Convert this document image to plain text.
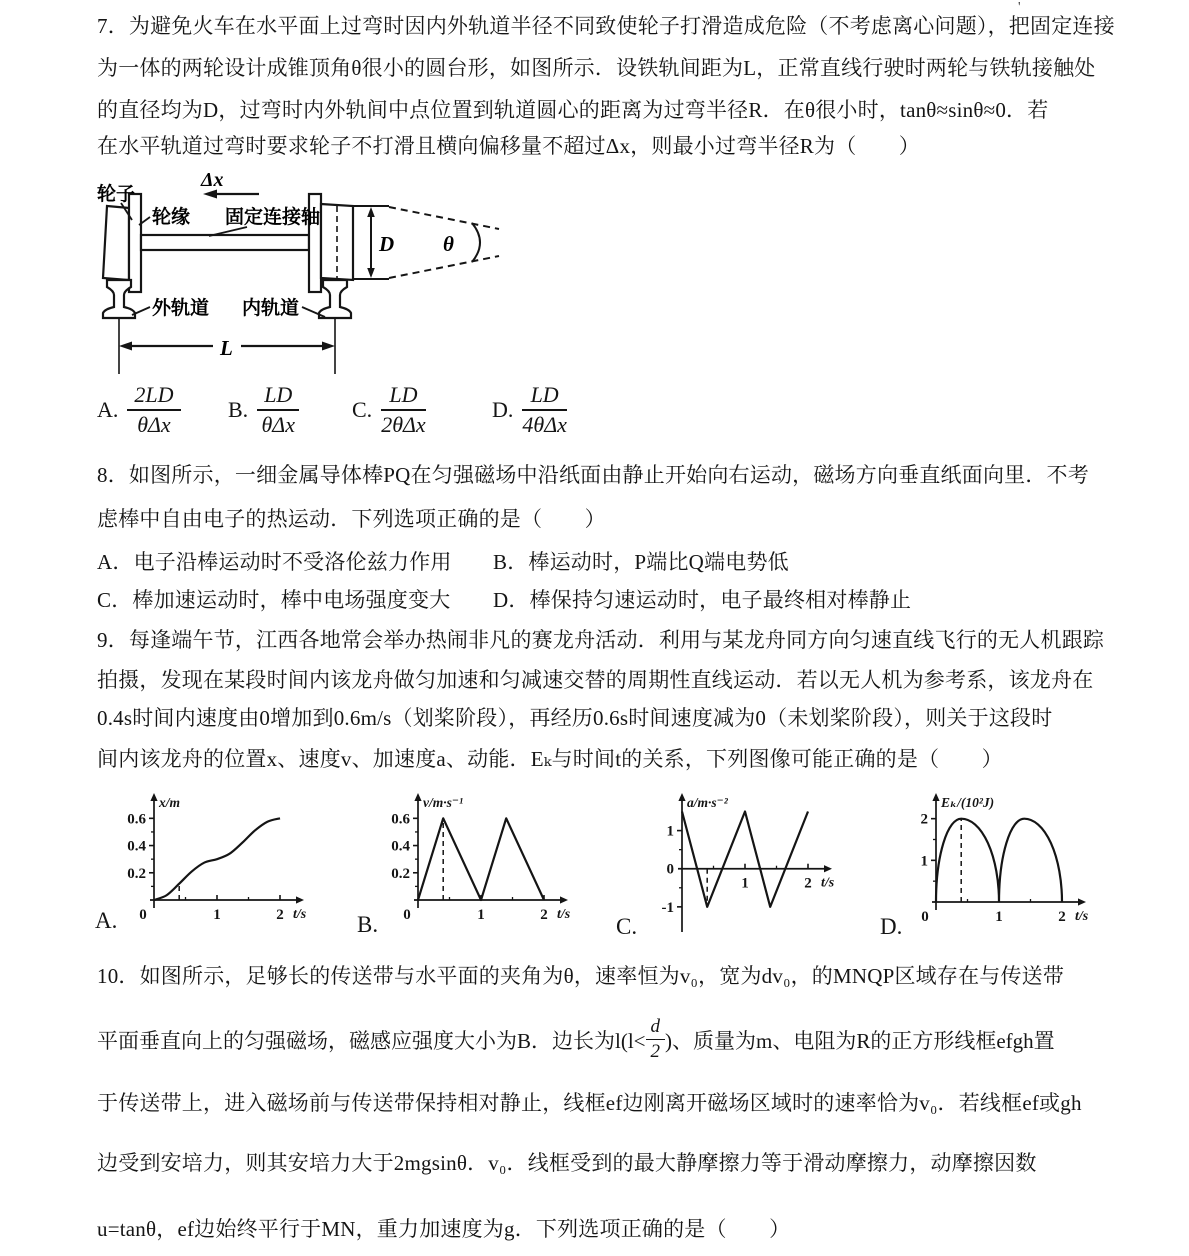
'
7．为避免火车在水平面上过弯时因内外轨道半径不同致使轮子打滑造成危险（不考虑离心问题），把固定连接
为一体的两轮设计成锥顶角θ很小的圆台形，如图所示．设铁轨间距为L，正常直线行驶时两轮与铁轨接触处
的直径均为D，过弯时内外轨间中点位置到轨道圆心的距离为过弯半径R．在θ很小时，tanθ≈sinθ≈0．若
在水平轨道过弯时要求轮子不打滑且横向偏移量不超过Δx，则最小过弯半径R为（　　）
D θ
Δx
轮子
轮缘 固定连接轴
外轨道 内轨道
L
A. $\frac{2LD}{\text{θΔx}} B$. $\frac{LD}{\text{θΔx}} C$. $\frac{LD}{\text{2θΔx}}$	D. $\frac{LD}{\text{4θΔx}}$
8．如图所示，一细金属导体棒PQ在匀强磁场中沿纸面由静止开始向右运动，磁场方向垂直纸面向里．不考
虑棒中自由电子的热运动．下列选项正确的是（　　）
A．电子沿棒运动时不受洛伦兹力作用 B．棒运动时，P端比Q端电势低
C．棒加速运动时，棒中电场强度变大 D．棒保持匀速运动时，电子最终相对棒静止
9．每逢端午节，江西各地常会举办热闹非凡的赛龙舟活动．利用与某龙舟同方向匀速直线飞行的无人机跟踪
拍摄，发现在某段时间内该龙舟做匀加速和匀减速交替的周期性直线运动．若以无人机为参考系，该龙舟在
0.4s时间内速度由0增加到0.6m/s（划桨阶段），再经历0.6s时间速度减为0（未划桨阶段），则关于这段时
间内该龙舟的位置x、速度v、加速度a、动能．Eₖ与时间t的关系，下列图像可能正确的是（　　）
0.2
0.4
0.6
1	2
0
x/m
t/s
0.2
0.4
0.6
1	2
0
v/m·s⁻¹
t/s
1
-1
1	2
0
a/m·s⁻²
t/s
1
2
1	2
0
Eₖ/(10²J)
t/s
A.	B.	C.	D.
10．如图所示，足够长的传送带与水平面的夹角为θ，速率恒为v₀，宽为dv₀，的MNQP区域存在与传送带
平面垂直向上的匀强磁场，磁感应强度大小为B．边长为$l(l< \frac{d}{2}$ )、质量为m、电阻为R的正方形线框efgh置
于传送带上，进入磁场前与传送带保持相对静止，线框ef边刚离开磁场区域时的速率恰为v₀．若线框ef或gh
边受到安培力，则其安培力大于2mgsinθ．v₀．线框受到的最大静摩擦力等于滑动摩擦力，动摩擦因数
u=tanθ，ef边始终平行于MN，重力加速度为g．下列选项正确的是（　　）
